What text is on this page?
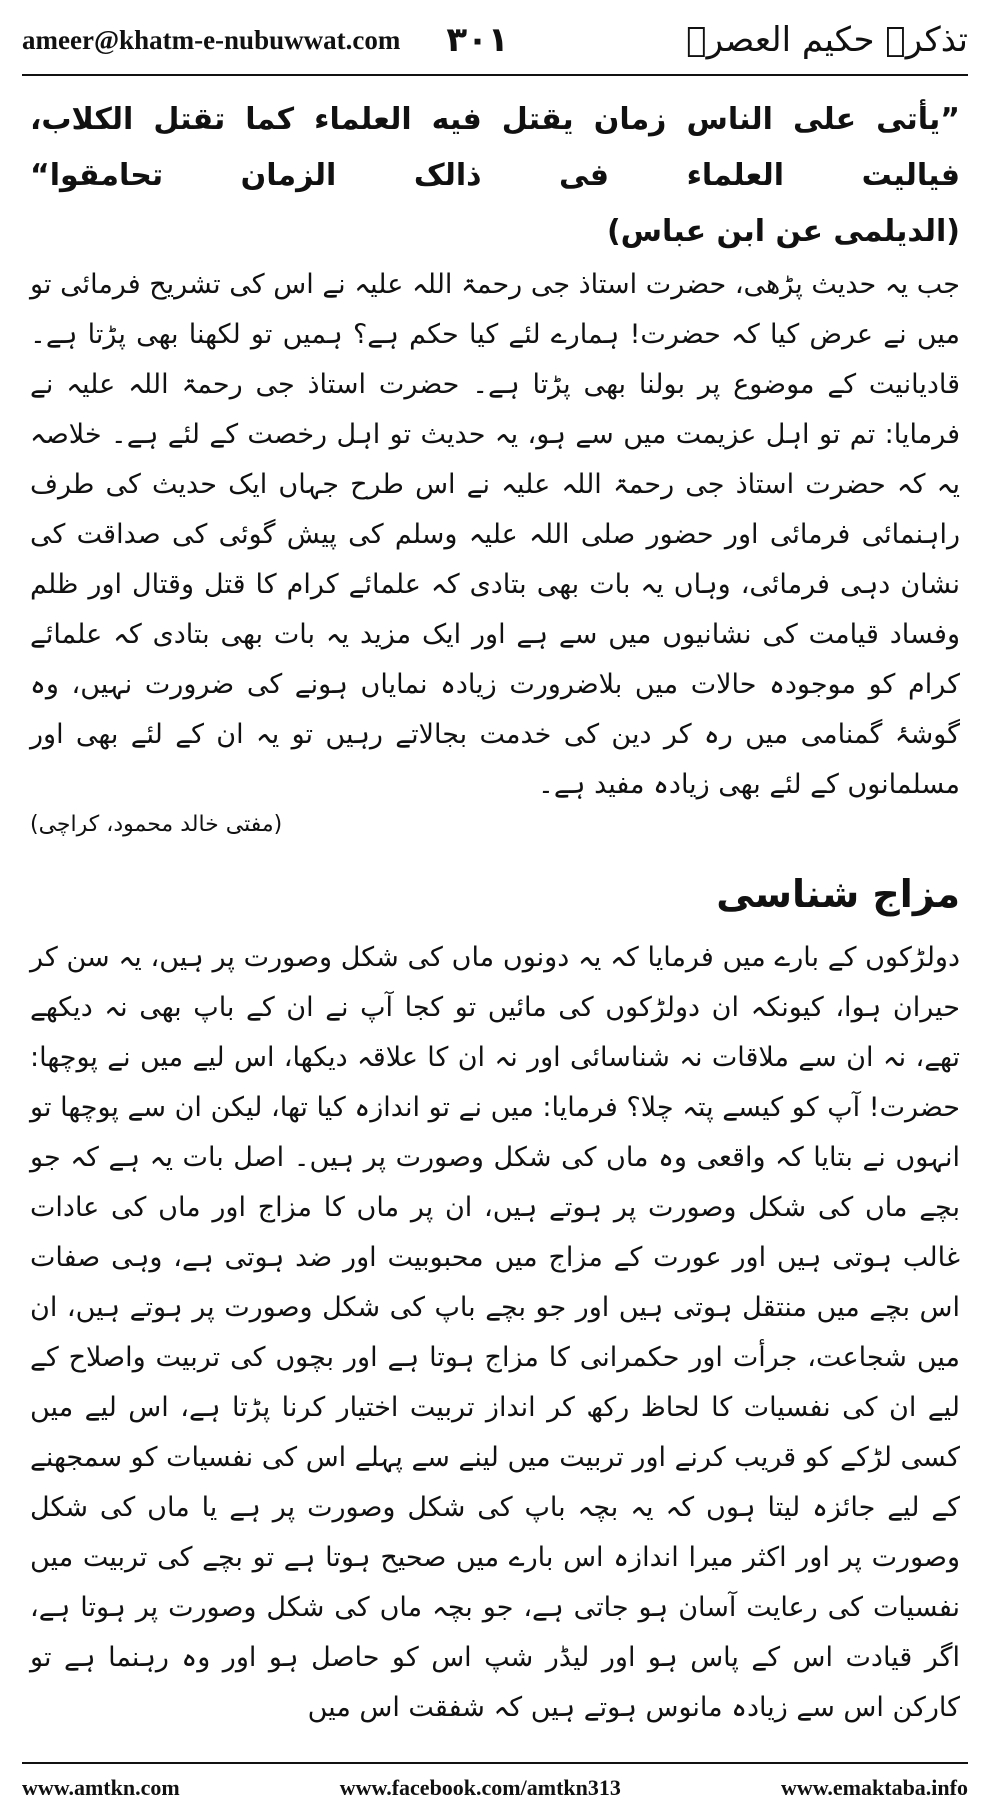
ameer@khatm-e-nubuwwat.com ۳۰۱	تذکرہ حکیم العصرؒ

”یأتی علی الناس زمان یقتل فیه العلماء کما تقتل الکلاب، فیالیت العلماء فی ذالک الزمان تحامقوا“ (الدیلمی عن ابن عباس)

جب یہ حدیث پڑھی، حضرت استاذ جی رحمۃ اللہ علیہ نے اس کی تشریح فرمائی تو میں نے عرض کیا کہ حضرت! ہمارے لئے کیا حکم ہے؟ ہمیں تو لکھنا بھی پڑتا ہے۔ قادیانیت کے موضوع پر بولنا بھی پڑتا ہے۔ حضرت استاذ جی رحمۃ اللہ علیہ نے فرمایا: تم تو اہل عزیمت میں سے ہو، یہ حدیث تو اہل رخصت کے لئے ہے۔ خلاصہ یہ کہ حضرت استاذ جی رحمۃ اللہ علیہ نے اس طرح جہاں ایک حدیث کی طرف راہنمائی فرمائی اور حضور صلی اللہ علیہ وسلم کی پیش گوئی کی صداقت کی نشان دہی فرمائی، وہاں یہ بات بھی بتادی کہ علمائے کرام کا قتل وقتال اور ظلم وفساد قیامت کی نشانیوں میں سے ہے اور ایک مزید یہ بات بھی بتادی کہ علمائے کرام کو موجودہ حالات میں بلاضرورت زیادہ نمایاں ہونے کی ضرورت نہیں، وہ گوشۂ گمنامی میں رہ کر دین کی خدمت بجالاتے رہیں تو یہ ان کے لئے بھی اور مسلمانوں کے لئے بھی زیادہ مفید ہے۔

(مفتی خالد محمود، کراچی)
مزاج شناسی

دولڑکوں کے بارے میں فرمایا کہ یہ دونوں ماں کی شکل وصورت پر ہیں، یہ سن کر حیران ہوا، کیونکہ ان دولڑکوں کی مائیں تو کجا آپ نے ان کے باپ بھی نہ دیکھے تھے، نہ ان سے ملاقات نہ شناسائی اور نہ ان کا علاقہ دیکھا، اس لیے میں نے پوچھا: حضرت! آپ کو کیسے پتہ چلا؟ فرمایا: میں نے تو اندازہ کیا تھا، لیکن ان سے پوچھا تو انہوں نے بتایا کہ واقعی وہ ماں کی شکل وصورت پر ہیں۔ اصل بات یہ ہے کہ جو بچے ماں کی شکل وصورت پر ہوتے ہیں، ان پر ماں کا مزاج اور ماں کی عادات غالب ہوتی ہیں اور عورت کے مزاج میں محبوبیت اور ضد ہوتی ہے، وہی صفات اس بچے میں منتقل ہوتی ہیں اور جو بچے باپ کی شکل وصورت پر ہوتے ہیں، ان میں شجاعت، جرأت اور حکمرانی کا مزاج ہوتا ہے اور بچوں کی تربیت واصلاح کے لیے ان کی نفسیات کا لحاظ رکھ کر انداز تربیت اختیار کرنا پڑتا ہے، اس لیے میں کسی لڑکے کو قریب کرنے اور تربیت میں لینے سے پہلے اس کی نفسیات کو سمجھنے کے لیے جائزہ لیتا ہوں کہ یہ بچہ باپ کی شکل وصورت پر ہے یا ماں کی شکل وصورت پر اور اکثر میرا اندازہ اس بارے میں صحیح ہوتا ہے تو بچے کی تربیت میں نفسیات کی رعایت آسان ہو جاتی ہے، جو بچہ ماں کی شکل وصورت پر ہوتا ہے، اگر قیادت اس کے پاس ہو اور لیڈر شپ اس کو حاصل ہو اور وہ رہنما ہے تو کارکن اس سے زیادہ مانوس ہوتے ہیں کہ شفقت اس میں

www.amtkn.com	www.facebook.com/amtkn313	www.emaktaba.info
